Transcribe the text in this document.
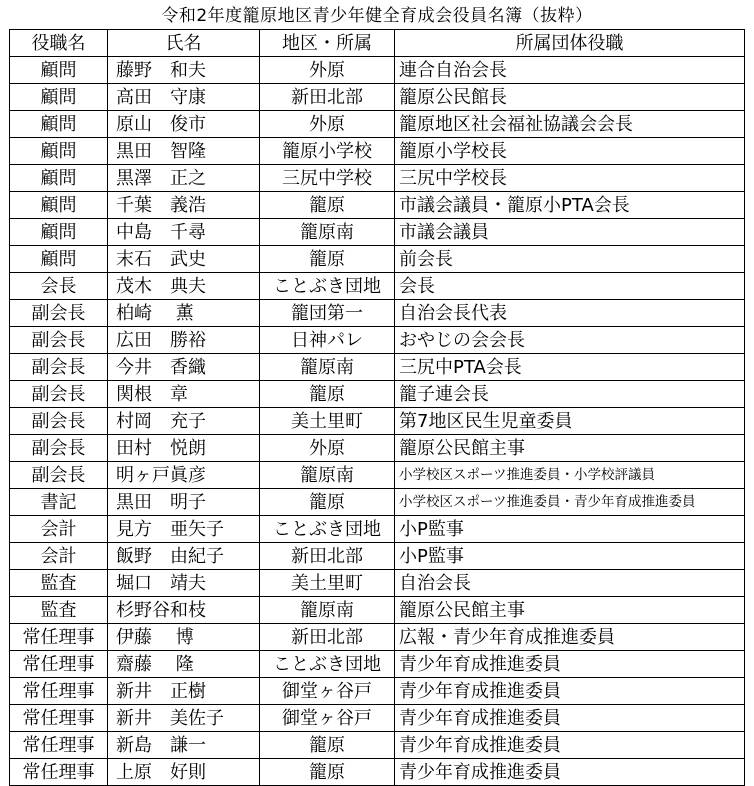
令和2年度籠原地区青少年健全育成会役員名簿（抜粋）
役職名	氏名	地区・所属	所属団体役職
顧問	藤野　和夫	外原	連合自治会長
顧問	高田　守康	新田北部	籠原公民館長
顧問	原山　俊市	外原	籠原地区社会福祉協議会会長
顧問	黒田　智隆	籠原小学校	籠原小学校長
顧問	黒澤　正之	三尻中学校	三尻中学校長
顧問	千葉　義浩	籠原	市議会議員・籠原小PTA会長
顧問	中島　千尋	籠原南	市議会議員
顧問	末石　武史	籠原	前会長
会長	茂木　典夫	ことぶき団地	会長
副会長	柏崎　 薫	籠団第一	自治会長代表
副会長	広田　勝裕	日神パレ	おやじの会会長
副会長	今井　香織	籠原南	三尻中PTA会長
副会長	関根　章	籠原	籠子連会長
副会長	村岡　充子	美土里町	第7地区民生児童委員
副会長	田村　悦朗	外原	籠原公民館主事
副会長	明ヶ戸眞彦	籠原南	小学校区スポーツ推進委員・小学校評議員
書記	黒田　明子	籠原	小学校区スポーツ推進委員・青少年育成推進委員
会計	見方　亜矢子	ことぶき団地	小P監事
会計	飯野　由紀子	新田北部	小P監事
監査	堀口　靖夫	美土里町	自治会長
監査	杉野谷和枝	籠原南	籠原公民館主事
常任理事	伊藤　 博	新田北部	広報・青少年育成推進委員
常任理事	齋藤　 隆	ことぶき団地	青少年育成推進委員
常任理事	新井　正樹	御堂ヶ谷戸	青少年育成推進委員
常任理事	新井　美佐子	御堂ヶ谷戸	青少年育成推進委員
常任理事	新島　謙一	籠原	青少年育成推進委員
常任理事	上原　好則	籠原	青少年育成推進委員
